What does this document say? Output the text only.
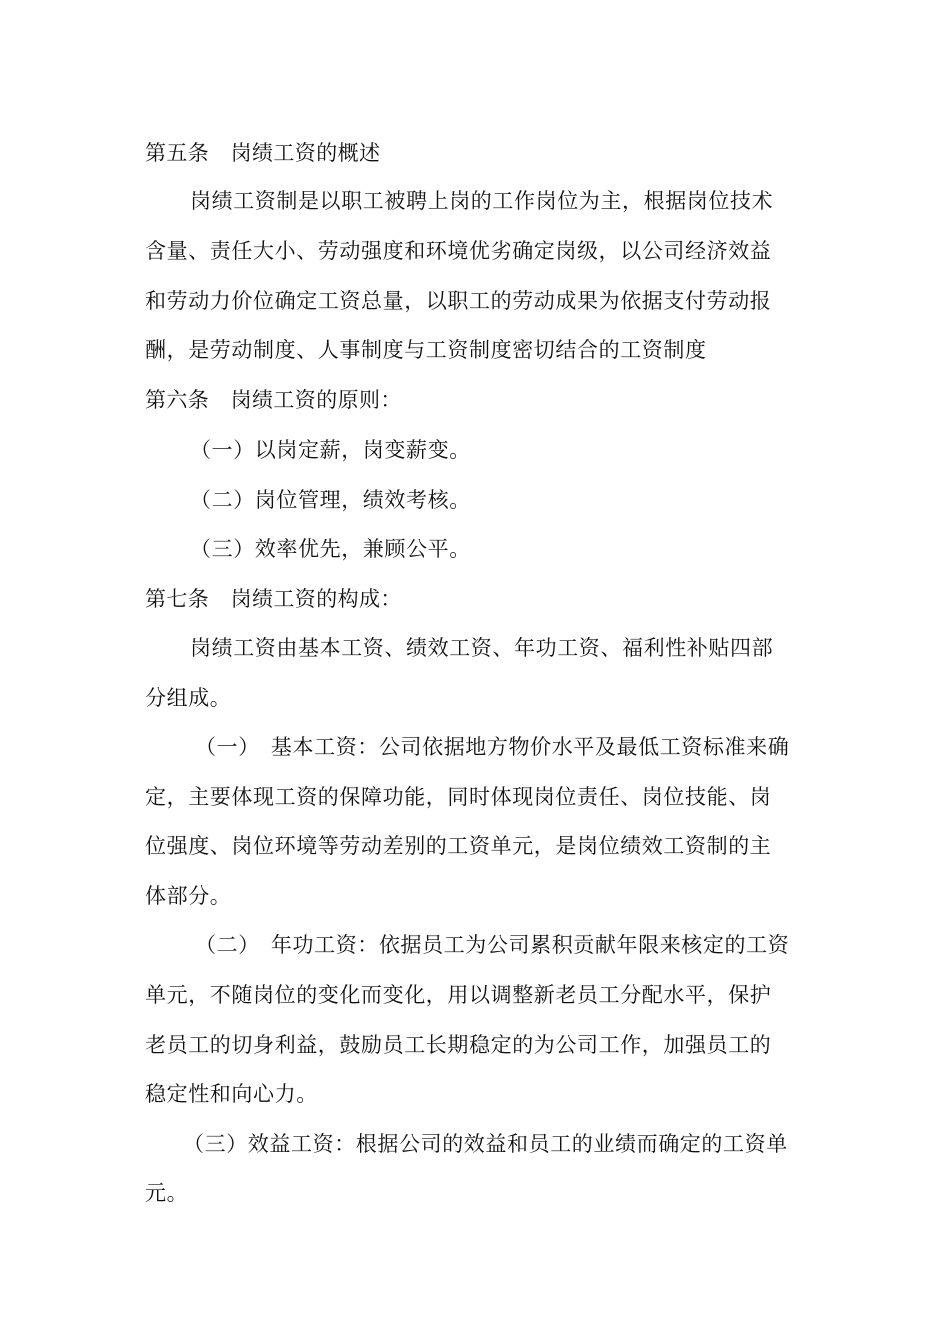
第五条　岗绩工资的概述
岗绩工资制是以职工被聘上岗的工作岗位为主，根据岗位技术
含量、责任大小、劳动强度和环境优劣确定岗级，以公司经济效益
和劳动力价位确定工资总量，以职工的劳动成果为依据支付劳动报
酬，是劳动制度、人事制度与工资制度密切结合的工资制度
第六条　岗绩工资的原则：
（一）以岗定薪，岗变薪变。
（二）岗位管理，绩效考核。
（三）效率优先，兼顾公平。
第七条　岗绩工资的构成：
岗绩工资由基本工资、绩效工资、年功工资、福利性补贴四部
分组成。
（一）　基本工资：公司依据地方物价水平及最低工资标准来确
定，主要体现工资的保障功能，同时体现岗位责任、岗位技能、岗
位强度、岗位环境等劳动差别的工资单元，是岗位绩效工资制的主
体部分。
（二）　年功工资：依据员工为公司累积贡献年限来核定的工资
单元，不随岗位的变化而变化，用以调整新老员工分配水平，保护
老员工的切身利益，鼓励员工长期稳定的为公司工作，加强员工的
稳定性和向心力。
（三）效益工资：根据公司的效益和员工的业绩而确定的工资单
元。
